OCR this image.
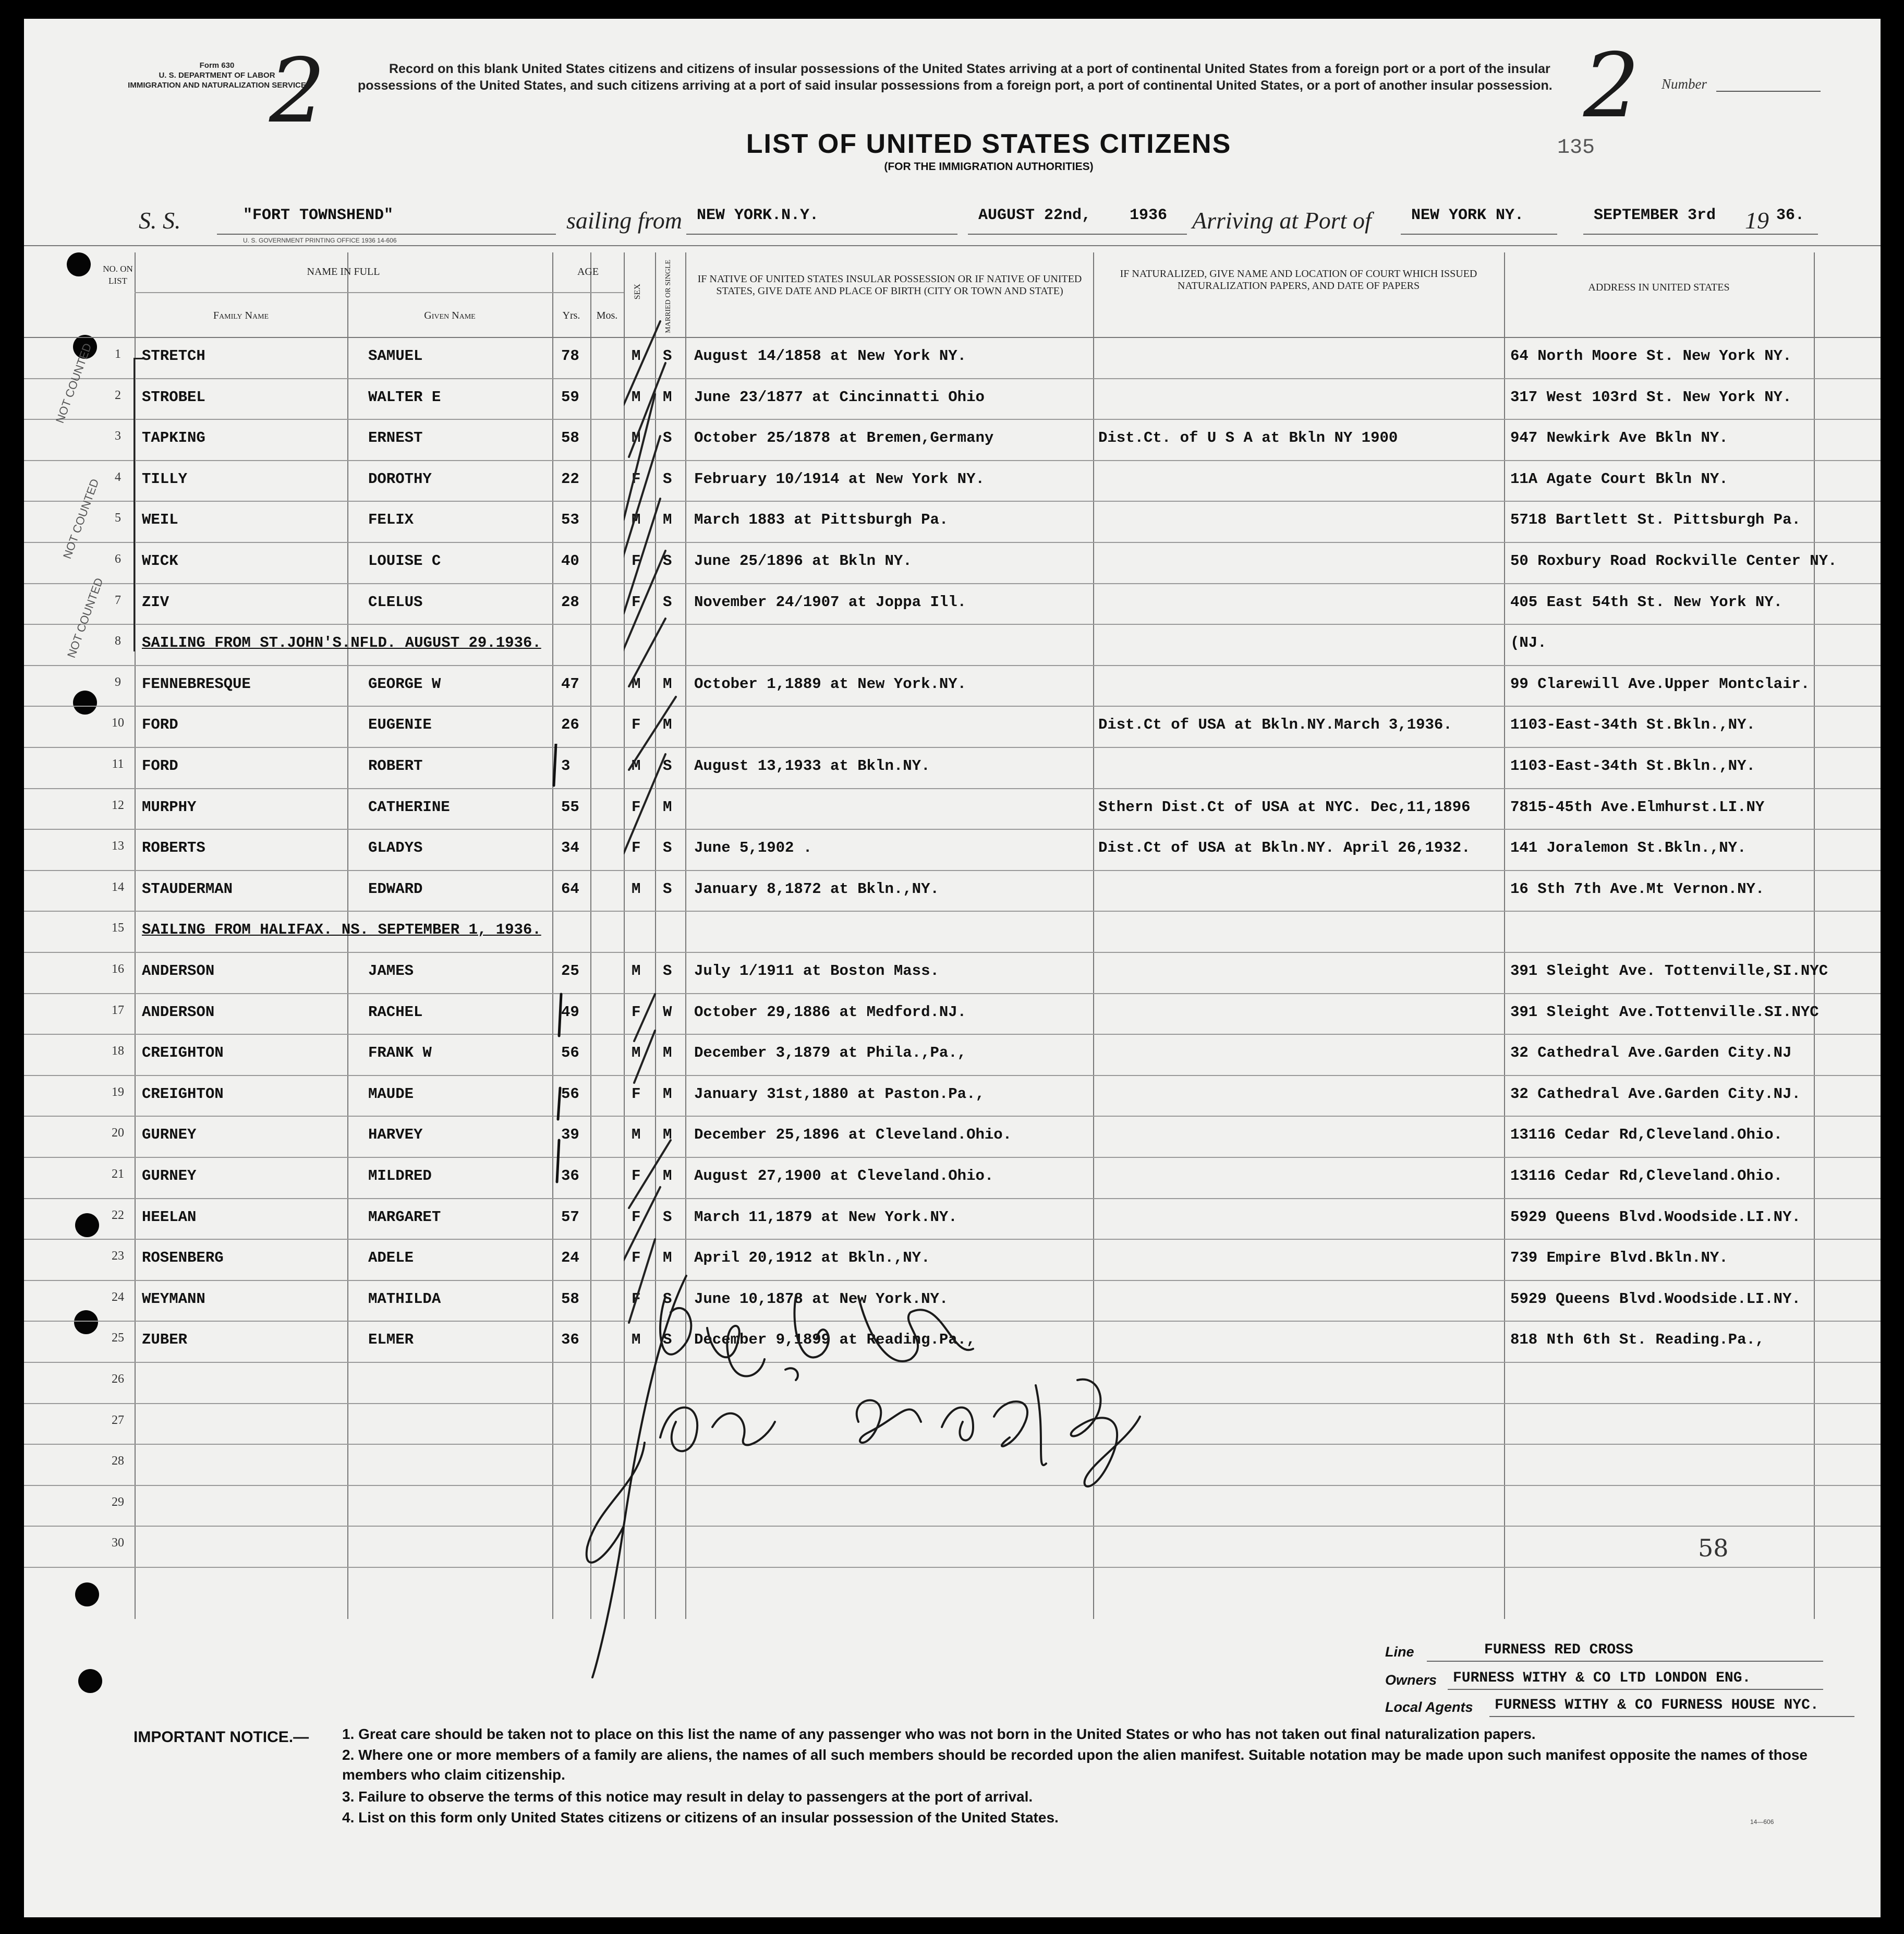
Form 630
U. S. DEPARTMENT OF LABOR
IMMIGRATION AND NATURALIZATION SERVICE
2	Record on this blank United States citizens and citizens of insular possessions of the United States arriving at a port of continental United States from a foreign port or a port of the insular possessions of the United States, and such citizens arriving at a port of said insular possessions from a foreign port, a port of continental United States, or a port of another insular possession. 2 Number
135
LIST OF UNITED STATES CITIZENS
(FOR THE IMMIGRATION AUTHORITIES)
S. S.	"FORT TOWNSHEND"	sailing from NEW YORK.N.Y.	AUGUST 22nd, 1936 Arriving at Port of	NEW YORK NY.	SEPTEMBER 3rd 19 36.
U. S. GOVERNMENT PRINTING OFFICE 1936 14-606
NO. ON LIST
NAME IN FULL
Family Name	Given Name
AGE
Yrs.	Mos.
SEX	MARRIED OR SINGLE	IF NATIVE OF UNITED STATES INSULAR POSSESSION OR IF NATIVE OF UNITED STATES, GIVE DATE AND PLACE OF BIRTH (CITY OR TOWN AND STATE)
IF NATURALIZED, GIVE NAME AND LOCATION OF COURT WHICH ISSUED NATURALIZATION PAPERS, AND DATE OF PAPERS	ADDRESS IN UNITED STATES
1	STRETCH	SAMUEL	78	M S August 14/1858 at New York NY.	64 North Moore St. New York NY.
2	STROBEL	WALTER E	59	M M June 23/1877 at Cincinnatti Ohio	317 West 103rd St. New York NY.
3	TAPKING	ERNEST	58	M S October 25/1878 at Bremen,Germany	Dist.Ct. of U S A at Bkln NY 1900	947 Newkirk Ave Bkln NY.
4	TILLY	DOROTHY	22	F S February 10/1914 at New York NY.	11A Agate Court Bkln NY.
5	WEIL	FELIX	53	M M March 1883 at Pittsburgh Pa.	5718 Bartlett St. Pittsburgh Pa.
6	WICK	LOUISE C	40	F S June 25/1896 at Bkln NY.	50 Roxbury Road Rockville Center NY.
7	ZIV	CLELUS	28	F S November 24/1907 at Joppa Ill.	405 East 54th St. New York NY.
8	SAILING FROM ST.JOHN'S.NFLD. AUGUST 29.1936.	(NJ.
9	FENNEBRESQUE	GEORGE W	47	M M October 1,1889 at New York.NY.	99 Clarewill Ave.Upper Montclair.
10	FORD	EUGENIE	26	F M	Dist.Ct of USA at Bkln.NY.March 3,1936.	1103-East-34th St.Bkln.,NY.
11	FORD	ROBERT	3	M S August 13,1933 at Bkln.NY.	1103-East-34th St.Bkln.,NY.
12	MURPHY	CATHERINE	55	F M	Sthern Dist.Ct of USA at NYC. Dec,11,1896	7815-45th Ave.Elmhurst.LI.NY
13	ROBERTS	GLADYS	34	F S June 5,1902 .	Dist.Ct of USA at Bkln.NY. April 26,1932.	141 Joralemon St.Bkln.,NY.
14	STAUDERMAN	EDWARD	64	M S January 8,1872 at Bkln.,NY.	16 Sth 7th Ave.Mt Vernon.NY.
15	SAILING FROM HALIFAX. NS. SEPTEMBER 1, 1936.
16	ANDERSON	JAMES	25	M S July 1/1911 at Boston Mass.	391 Sleight Ave. Tottenville,SI.NYC
17	ANDERSON	RACHEL	49	F W October 29,1886 at Medford.NJ.	391 Sleight Ave.Tottenville.SI.NYC
18	CREIGHTON	FRANK W	56	M M December 3,1879 at Phila.,Pa.,	32 Cathedral Ave.Garden City.NJ
19	CREIGHTON	MAUDE	56	F M January 31st,1880 at Paston.Pa.,	32 Cathedral Ave.Garden City.NJ.
20	GURNEY	HARVEY	39	M M December 25,1896 at Cleveland.Ohio.	13116 Cedar Rd,Cleveland.Ohio.
21	GURNEY	MILDRED	36	F M August 27,1900 at Cleveland.Ohio.	13116 Cedar Rd,Cleveland.Ohio.
22	HEELAN	MARGARET	57	F S March 11,1879 at New York.NY.	5929 Queens Blvd.Woodside.LI.NY.
23	ROSENBERG	ADELE	24	F M April 20,1912 at Bkln.,NY.	739 Empire Blvd.Bkln.NY.
24	WEYMANN	MATHILDA	58	F S June 10,1878 at New York.NY.	5929 Queens Blvd.Woodside.LI.NY.
25	ZUBER	ELMER	36	M S December 9,1899 at Reading.Pa.,	818 Nth 6th St. Reading.Pa.,
26
27
28
29
30
NOT COUNTED
NOT COUNTED
NOT COUNTED
58
Line	FURNESS RED CROSS
Owners FURNESS WITHY & CO LTD LONDON ENG.
Local Agents FURNESS WITHY & CO FURNESS HOUSE NYC.
IMPORTANT NOTICE.— 1. Great care should be taken not to place on this list the name of any passenger who was not born in the United States or who has not taken out final naturalization papers.
2. Where one or more members of a family are aliens, the names of all such members should be recorded upon the alien manifest. Suitable notation may be made upon such manifest opposite the names of those members who claim citizenship.
3. Failure to observe the terms of this notice may result in delay to passengers at the port of arrival.
4. List on this form only United States citizens or citizens of an insular possession of the United States.	14—606
